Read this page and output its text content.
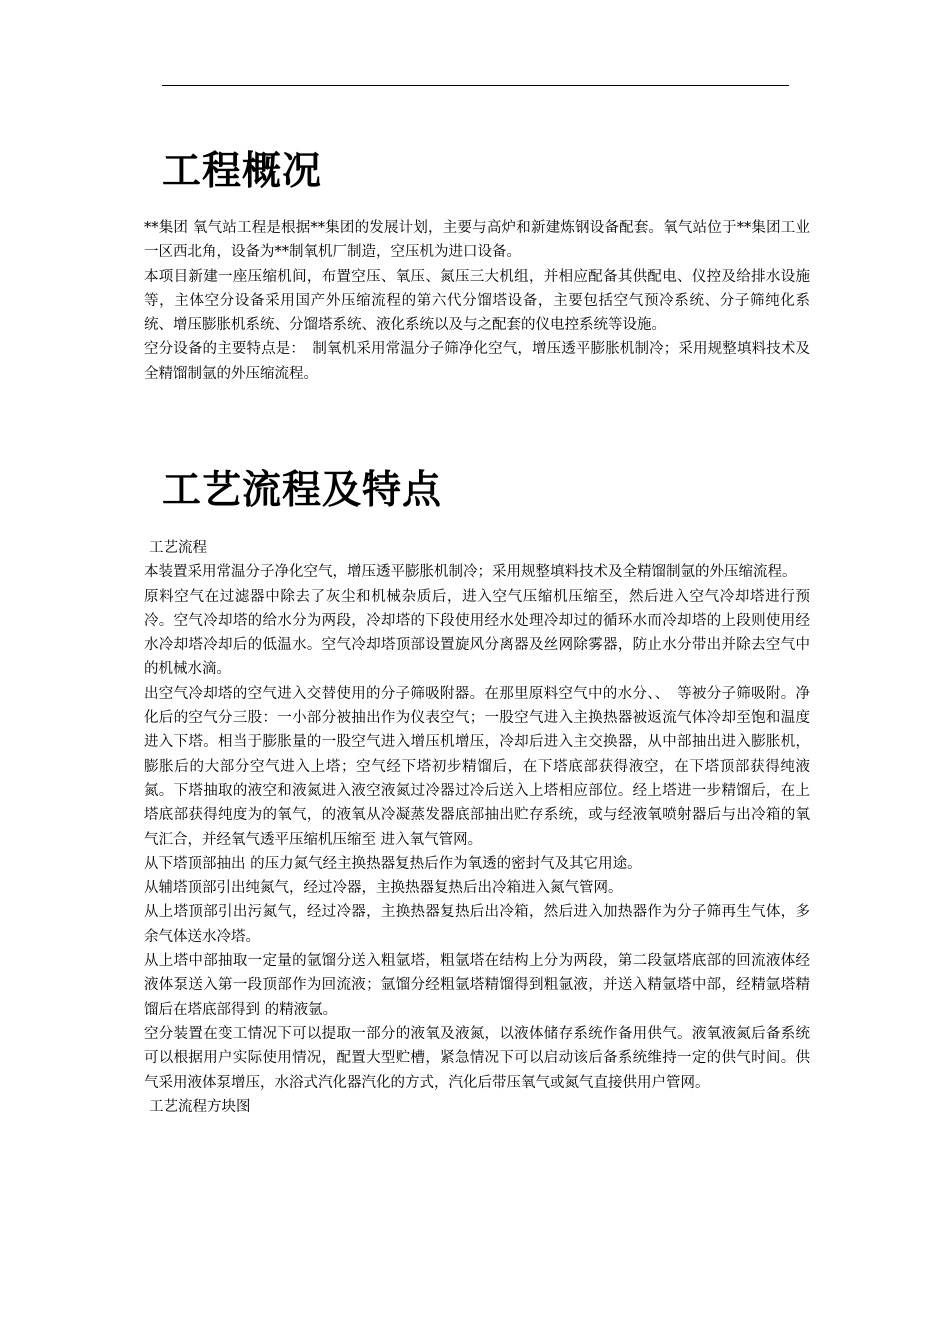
工程概况

**集团 氧气站工程是根据**集团的发展计划，主要与高炉和新建炼钢设备配套。氧气站位于**集团工业一区西北角，设备为**制氧机厂制造，空压机为进口设备。

本项目新建一座压缩机间，布置空压、氧压、氮压三大机组，并相应配备其供配电、仪控及给排水设施等，主体空分设备采用国产外压缩流程的第六代分馏塔设备，主要包括空气预冷系统、分子筛纯化系统、增压膨胀机系统、分馏塔系统、液化系统以及与之配套的仪电控系统等设施。

空分设备的主要特点是：　制氧机采用常温分子筛净化空气，增压透平膨胀机制冷；采用规整填料技术及全精馏制氩的外压缩流程。

工艺流程及特点

工艺流程

本装置采用常温分子净化空气，增压透平膨胀机制冷；采用规整填料技术及全精馏制氩的外压缩流程。

原料空气在过滤器中除去了灰尘和机械杂质后，进入空气压缩机压缩至，然后进入空气冷却塔进行预冷。空气冷却塔的给水分为两段，冷却塔的下段使用经水处理冷却过的循环水而冷却塔的上段则使用经水冷却塔冷却后的低温水。空气冷却塔顶部设置旋风分离器及丝网除雾器，防止水分带出并除去空气中的机械水滴。

出空气冷却塔的空气进入交替使用的分子筛吸附器。在那里原料空气中的水分、、　等被分子筛吸附。净化后的空气分三股：一小部分被抽出作为仪表空气；一股空气进入主换热器被返流气体冷却至饱和温度进入下塔。相当于膨胀量的一股空气进入增压机增压，冷却后进入主交换器，从中部抽出进入膨胀机，膨胀后的大部分空气进入上塔；空气经下塔初步精馏后，在下塔底部获得液空，在下塔顶部获得纯液氮。下塔抽取的液空和液氮进入液空液氮过冷器过冷后送入上塔相应部位。经上塔进一步精馏后，在上塔底部获得纯度为的氧气，的液氧从冷凝蒸发器底部抽出贮存系统，或与经液氧喷射器后与出冷箱的氧气汇合，并经氧气透平压缩机压缩至 进入氧气管网。

从下塔顶部抽出 的压力氮气经主换热器复热后作为氧透的密封气及其它用途。

从辅塔顶部引出纯氮气，经过冷器，主换热器复热后出冷箱进入氮气管网。

从上塔顶部引出污氮气，经过冷器，主换热器复热后出冷箱，然后进入加热器作为分子筛再生气体，多余气体送水冷塔。

从上塔中部抽取一定量的氩馏分送入粗氩塔，粗氩塔在结构上分为两段，第二段氩塔底部的回流液体经液体泵送入第一段顶部作为回流液；氩馏分经粗氩塔精馏得到粗氩液，并送入精氩塔中部，经精氩塔精馏后在塔底部得到 的精液氩。

空分装置在变工情况下可以提取一部分的液氧及液氮，以液体储存系统作备用供气。液氧液氮后备系统可以根据用户实际使用情况，配置大型贮槽，紧急情况下可以启动该后备系统维持一定的供气时间。供气采用液体泵增压，水浴式汽化器汽化的方式，汽化后带压氧气或氮气直接供用户管网。

工艺流程方块图
